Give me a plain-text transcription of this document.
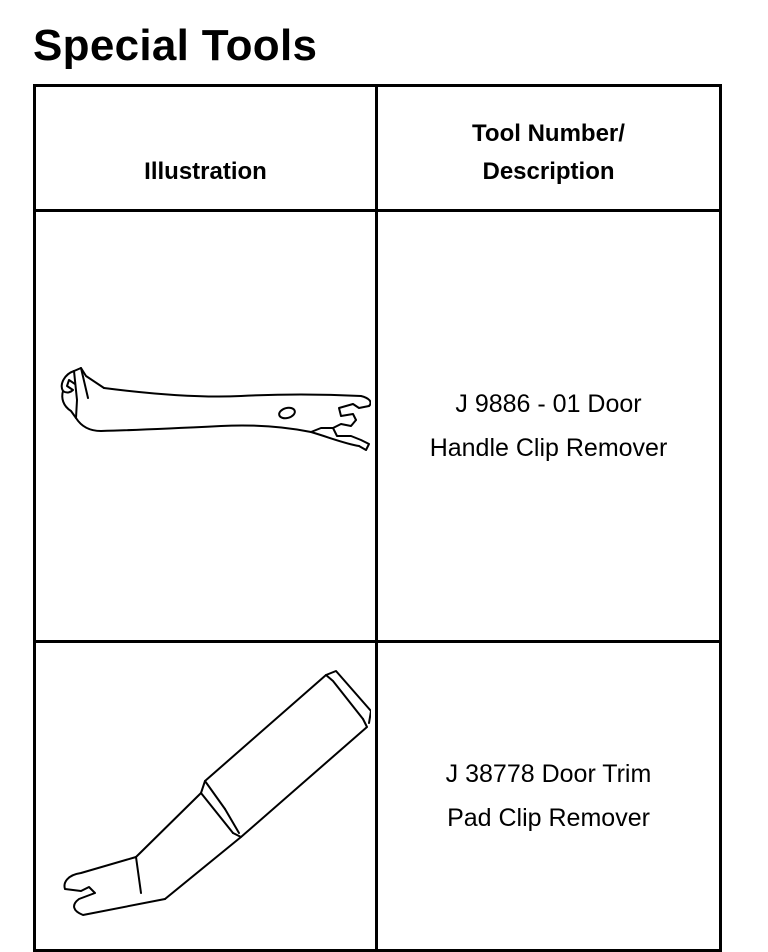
Special Tools
Illustration	Tool Number/
Description

J 9886 - 01 Door
Handle Clip Remover

J 38778 Door Trim
Pad Clip Remover
